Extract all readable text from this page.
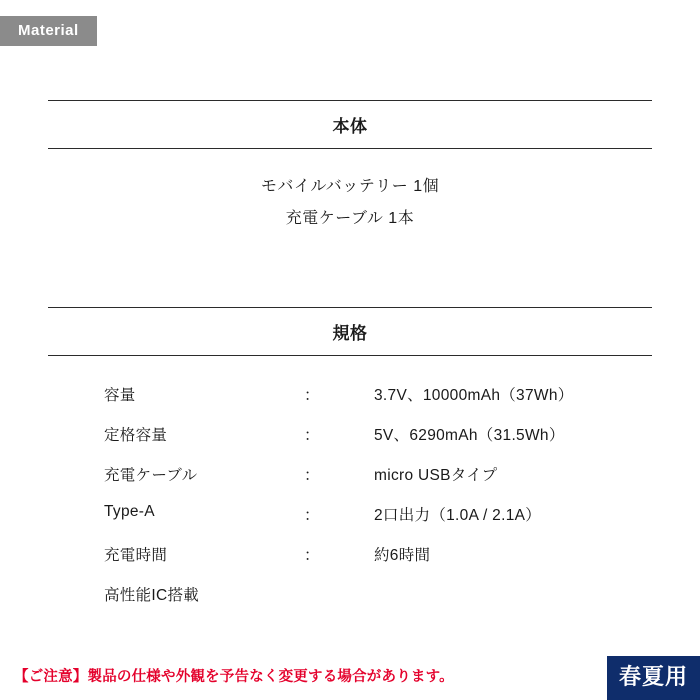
Material
本体
モバイルバッテリー 1個
充電ケーブル 1本
規格
容量	：	3.7V、10000mAh（37Wh）
定格容量	：	5V、6290mAh（31.5Wh）
充電ケーブル	：	micro USBタイプ
Type-A	：	2口出力（1.0A / 2.1A）
充電時間	：	約6時間
高性能IC搭載		
【ご注意】製品の仕様や外観を予告なく変更する場合があります。	春夏用
